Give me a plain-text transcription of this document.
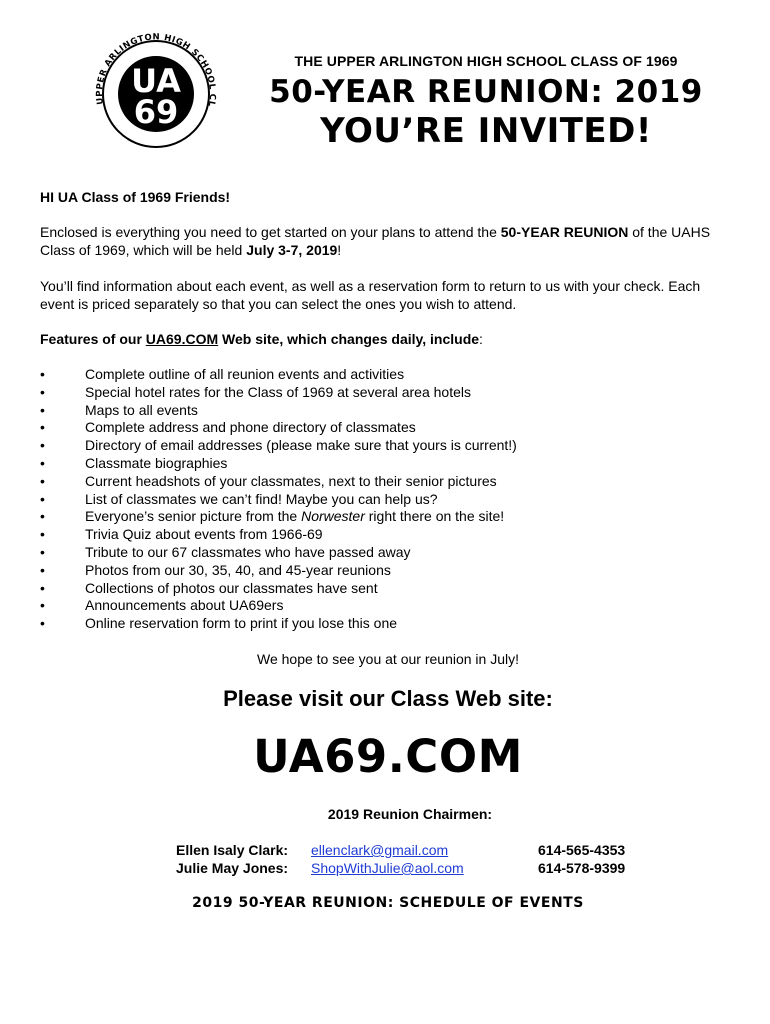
UPPER ARLINGTON HIGH SCHOOL CL
UA
69
THE UPPER ARLINGTON HIGH SCHOOL CLASS OF 1969
50-YEAR REUNION: 2019
YOU’RE INVITED!
HI UA Class of 1969 Friends!
Enclosed is everything you need to get started on your plans to attend the 50-YEAR REUNION of the UAHS Class of 1969, which will be held July 3-7, 2019!
You’ll find information about each event, as well as a reservation form to return to us with your check. Each event is priced separately so that you can select the ones you wish to attend.
Features of our UA69.COM Web site, which changes daily, include:
•	Complete outline of all reunion events and activities
•	Special hotel rates for the Class of 1969 at several area hotels
•	Maps to all events
•	Complete address and phone directory of classmates
•	Directory of email addresses (please make sure that yours is current!)
•	Classmate biographies
•	Current headshots of your classmates, next to their senior pictures
•	List of classmates we can’t find! Maybe you can help us?
•	Everyone’s senior picture from the Norwester right there on the site!
•	Trivia Quiz about events from 1966-69
•	Tribute to our 67 classmates who have passed away
•	Photos from our 30, 35, 40, and 45-year reunions
•	Collections of photos our classmates have sent
•	Announcements about UA69ers
•	Online reservation form to print if you lose this one
We hope to see you at our reunion in July!
Please visit our Class Web site:
UA69.COM
2019 Reunion Chairmen:
Ellen Isaly Clark: ellenclark@gmail.com	614-565-4353
Julie May Jones: ShopWithJulie@aol.com	614-578-9399
2019 50-YEAR REUNION: SCHEDULE OF EVENTS
